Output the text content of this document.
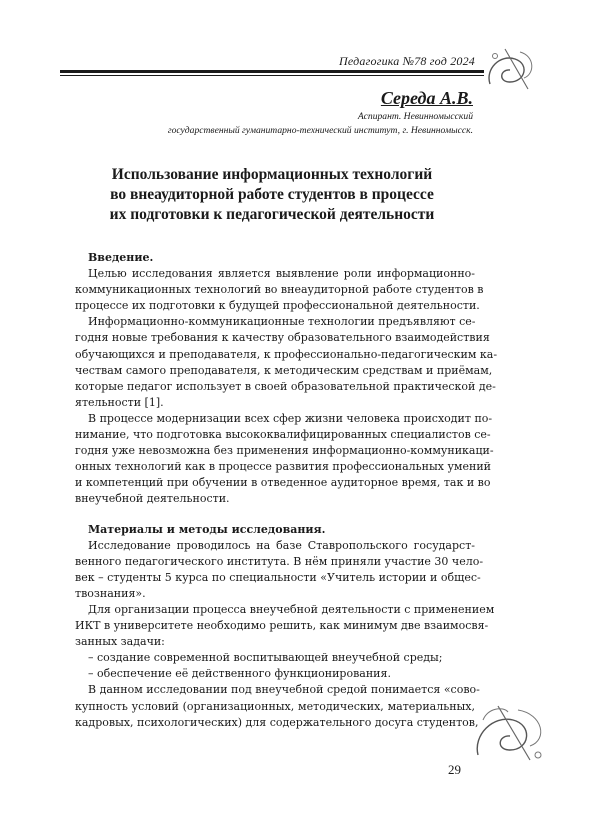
Педагогика №78 год 2024
Середа А.В.
Аспирант. Невинномысский
государственный гуманитарно-технический институт, г. Невинномысск.
Использование информационных технологий
во внеаудиторной работе студентов в процессе
их подготовки к педагогической деятельности
Введение.
Целью исследования является выявление роли информационно-
коммуникационных технологий во внеаудиторной работе студентов в
процессе их подготовки к будущей профессиональной деятельности.
Информационно-коммуникационные технологии предъявляют се-
годня новые требования к качеству образовательного взаимодействия
обучающихся и преподавателя, к профессионально-педагогическим ка-
чествам самого преподавателя, к методическим средствам и приёмам,
которые педагог использует в своей образовательной практической де-
ятельности [1].
В процессе модернизации всех сфер жизни человека происходит по-
нимание, что подготовка высококвалифицированных специалистов се-
годня уже невозможна без применения информационно-коммуникаци-
онных технологий как в процессе развития профессиональных умений
и компетенций при обучении в отведенное аудиторное время, так и во
внеучебной деятельности.
Материалы и методы исследования.
Исследование проводилось на базе Ставропольского государст-
венного педагогического института. В нём приняли участие 30 чело-
век – студенты 5 курса по специальности «Учитель истории и общес-
твознания».
Для организации процесса внеучебной деятельности с применением
ИКТ в университете необходимо решить, как минимум две взаимосвя-
занных задачи:
– создание современной воспитывающей внеучебной среды;
– обеспечение её действенного функционирования.
В данном исследовании под внеучебной средой понимается «сово-
купность условий (организационных, методических, материальных,
кадровых, психологических) для содержательного досуга студентов,
29
